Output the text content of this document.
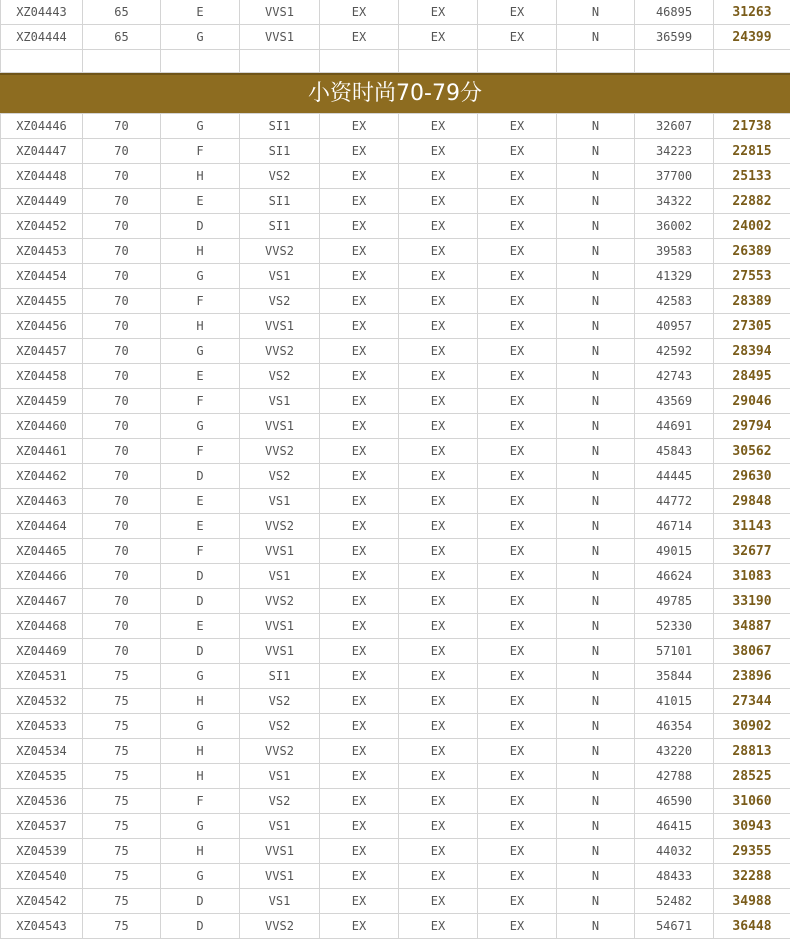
XZ04443	65	E	VVS1	EX	EX	EX	N	46895	31263
XZ04444	65	G	VVS1	EX	EX	EX	N	36599	24399

小资时尚70-79分
XZ04446	70	G	SI1	EX	EX	EX	N	32607	21738
XZ04447	70	F	SI1	EX	EX	EX	N	34223	22815
XZ04448	70	H	VS2	EX	EX	EX	N	37700	25133
XZ04449	70	E	SI1	EX	EX	EX	N	34322	22882
XZ04452	70	D	SI1	EX	EX	EX	N	36002	24002
XZ04453	70	H	VVS2	EX	EX	EX	N	39583	26389
XZ04454	70	G	VS1	EX	EX	EX	N	41329	27553
XZ04455	70	F	VS2	EX	EX	EX	N	42583	28389
XZ04456	70	H	VVS1	EX	EX	EX	N	40957	27305
XZ04457	70	G	VVS2	EX	EX	EX	N	42592	28394
XZ04458	70	E	VS2	EX	EX	EX	N	42743	28495
XZ04459	70	F	VS1	EX	EX	EX	N	43569	29046
XZ04460	70	G	VVS1	EX	EX	EX	N	44691	29794
XZ04461	70	F	VVS2	EX	EX	EX	N	45843	30562
XZ04462	70	D	VS2	EX	EX	EX	N	44445	29630
XZ04463	70	E	VS1	EX	EX	EX	N	44772	29848
XZ04464	70	E	VVS2	EX	EX	EX	N	46714	31143
XZ04465	70	F	VVS1	EX	EX	EX	N	49015	32677
XZ04466	70	D	VS1	EX	EX	EX	N	46624	31083
XZ04467	70	D	VVS2	EX	EX	EX	N	49785	33190
XZ04468	70	E	VVS1	EX	EX	EX	N	52330	34887
XZ04469	70	D	VVS1	EX	EX	EX	N	57101	38067
XZ04531	75	G	SI1	EX	EX	EX	N	35844	23896
XZ04532	75	H	VS2	EX	EX	EX	N	41015	27344
XZ04533	75	G	VS2	EX	EX	EX	N	46354	30902
XZ04534	75	H	VVS2	EX	EX	EX	N	43220	28813
XZ04535	75	H	VS1	EX	EX	EX	N	42788	28525
XZ04536	75	F	VS2	EX	EX	EX	N	46590	31060
XZ04537	75	G	VS1	EX	EX	EX	N	46415	30943
XZ04539	75	H	VVS1	EX	EX	EX	N	44032	29355
XZ04540	75	G	VVS1	EX	EX	EX	N	48433	32288
XZ04542	75	D	VS1	EX	EX	EX	N	52482	34988
XZ04543	75	D	VVS2	EX	EX	EX	N	54671	36448
